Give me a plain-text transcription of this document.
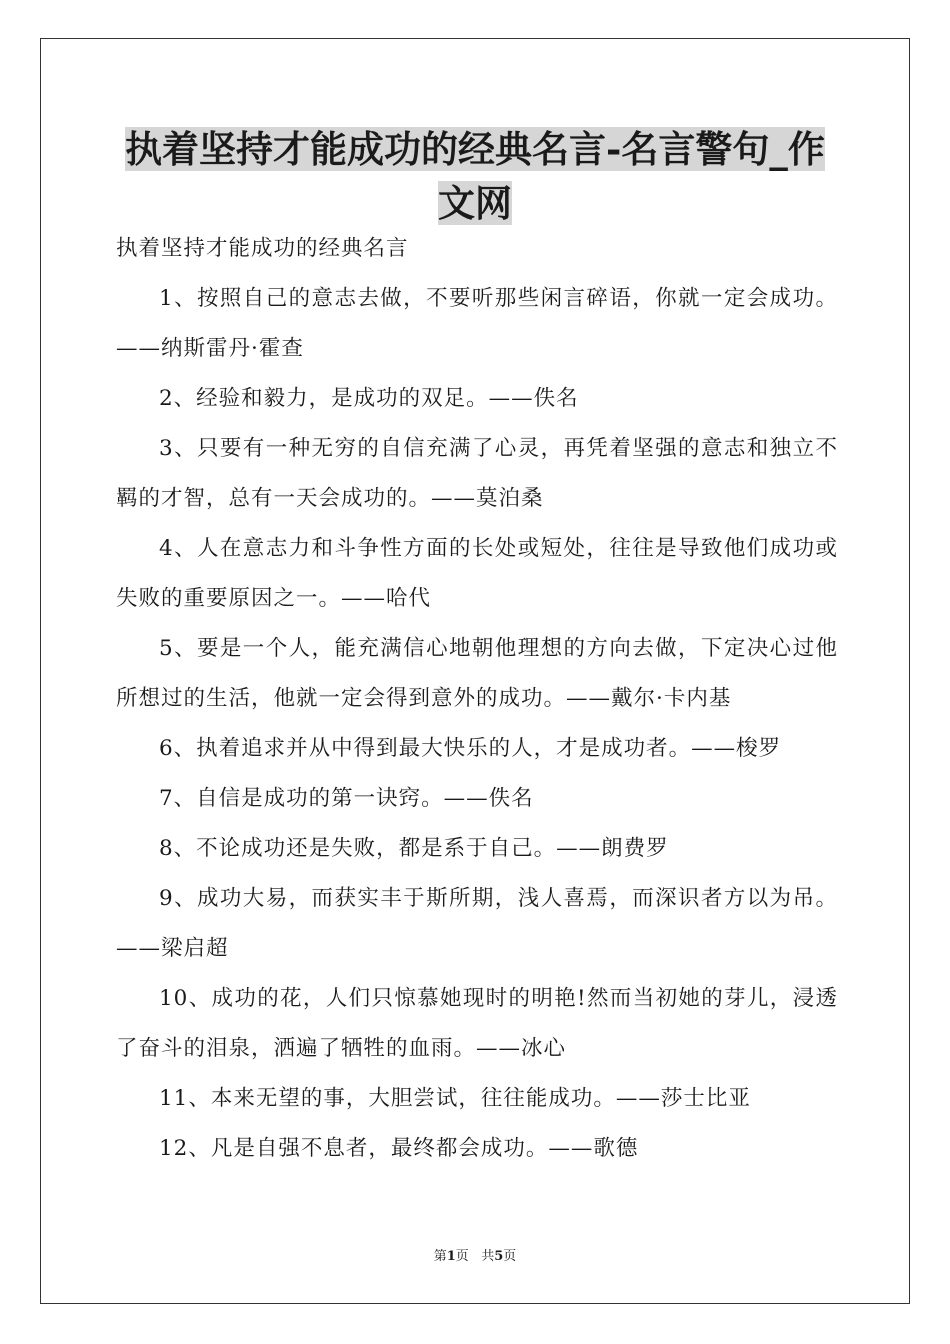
执着坚持才能成功的经典名言-名言警句_作文网

执着坚持才能成功的经典名言

1、按照自己的意志去做，不要听那些闲言碎语，你就一定会成功。——纳斯雷丹·霍查

2、经验和毅力，是成功的双足。——佚名

3、只要有一种无穷的自信充满了心灵，再凭着坚强的意志和独立不羁的才智，总有一天会成功的。——莫泊桑

4、人在意志力和斗争性方面的长处或短处，往往是导致他们成功或失败的重要原因之一。——哈代

5、要是一个人，能充满信心地朝他理想的方向去做，下定决心过他所想过的生活，他就一定会得到意外的成功。——戴尔·卡内基

6、执着追求并从中得到最大快乐的人，才是成功者。——梭罗

7、自信是成功的第一诀窍。——佚名

8、不论成功还是失败，都是系于自己。——朗费罗

9、成功大易，而获实丰于斯所期，浅人喜焉，而深识者方以为吊。——梁启超

10、成功的花，人们只惊慕她现时的明艳!然而当初她的芽儿，浸透了奋斗的泪泉，洒遍了牺牲的血雨。——冰心

11、本来无望的事，大胆尝试，往往能成功。——莎士比亚

12、凡是自强不息者，最终都会成功。——歌德

第1页   共5页
